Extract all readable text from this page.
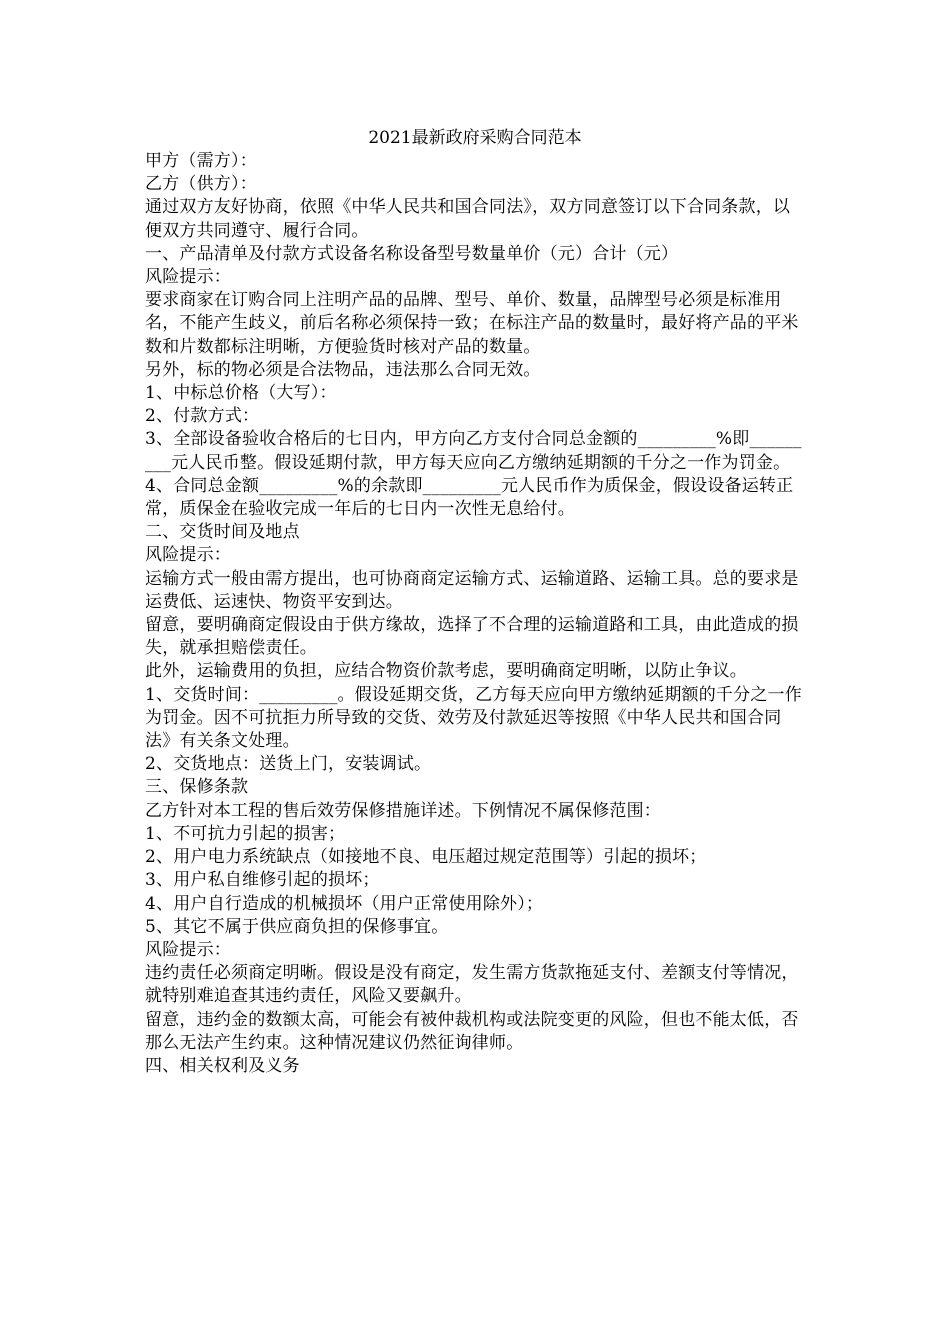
2021最新政府采购合同范本
甲方（需方）：
乙方（供方）：
通过双方友好协商，依照《中华人民共和国合同法》，双方同意签订以下合同条款，以便双方共同遵守、履行合同。
一、产品清单及付款方式设备名称设备型号数量单价（元）合计（元）
风险提示：
要求商家在订购合同上注明产品的品牌、型号、单价、数量，品牌型号必须是标准用名，不能产生歧义，前后名称必须保持一致；在标注产品的数量时，最好将产品的平米数和片数都标注明晰，方便验货时核对产品的数量。
另外，标的物必须是合法物品，违法那么合同无效。
1、中标总价格（大写）：
2、付款方式：
3、全部设备验收合格后的七日内，甲方向乙方支付合同总金额的_________%即_________元人民币整。假设延期付款，甲方每天应向乙方缴纳延期额的千分之一作为罚金。
4、合同总金额_________%的余款即_________元人民币作为质保金，假设设备运转正常，质保金在验收完成一年后的七日内一次性无息给付。
二、交货时间及地点
风险提示：
运输方式一般由需方提出，也可协商商定运输方式、运输道路、运输工具。总的要求是运费低、运速快、物资平安到达。
留意，要明确商定假设由于供方缘故，选择了不合理的运输道路和工具，由此造成的损失，就承担赔偿责任。
此外，运输费用的负担，应结合物资价款考虑，要明确商定明晰，以防止争议。
1、交货时间：_________。假设延期交货，乙方每天应向甲方缴纳延期额的千分之一作为罚金。因不可抗拒力所导致的交货、效劳及付款延迟等按照《中华人民共和国合同法》有关条文处理。
2、交货地点：送货上门，安装调试。
三、保修条款
乙方针对本工程的售后效劳保修措施详述。下例情况不属保修范围：
1、不可抗力引起的损害；
2、用户电力系统缺点（如接地不良、电压超过规定范围等）引起的损坏；
3、用户私自维修引起的损坏；
4、用户自行造成的机械损坏（用户正常使用除外）；
5、其它不属于供应商负担的保修事宜。
风险提示：
违约责任必须商定明晰。假设是没有商定，发生需方货款拖延支付、差额支付等情况，就特别难追查其违约责任，风险又要飙升。
留意，违约金的数额太高，可能会有被仲裁机构或法院变更的风险，但也不能太低，否那么无法产生约束。这种情况建议仍然征询律师。
四、相关权利及义务
